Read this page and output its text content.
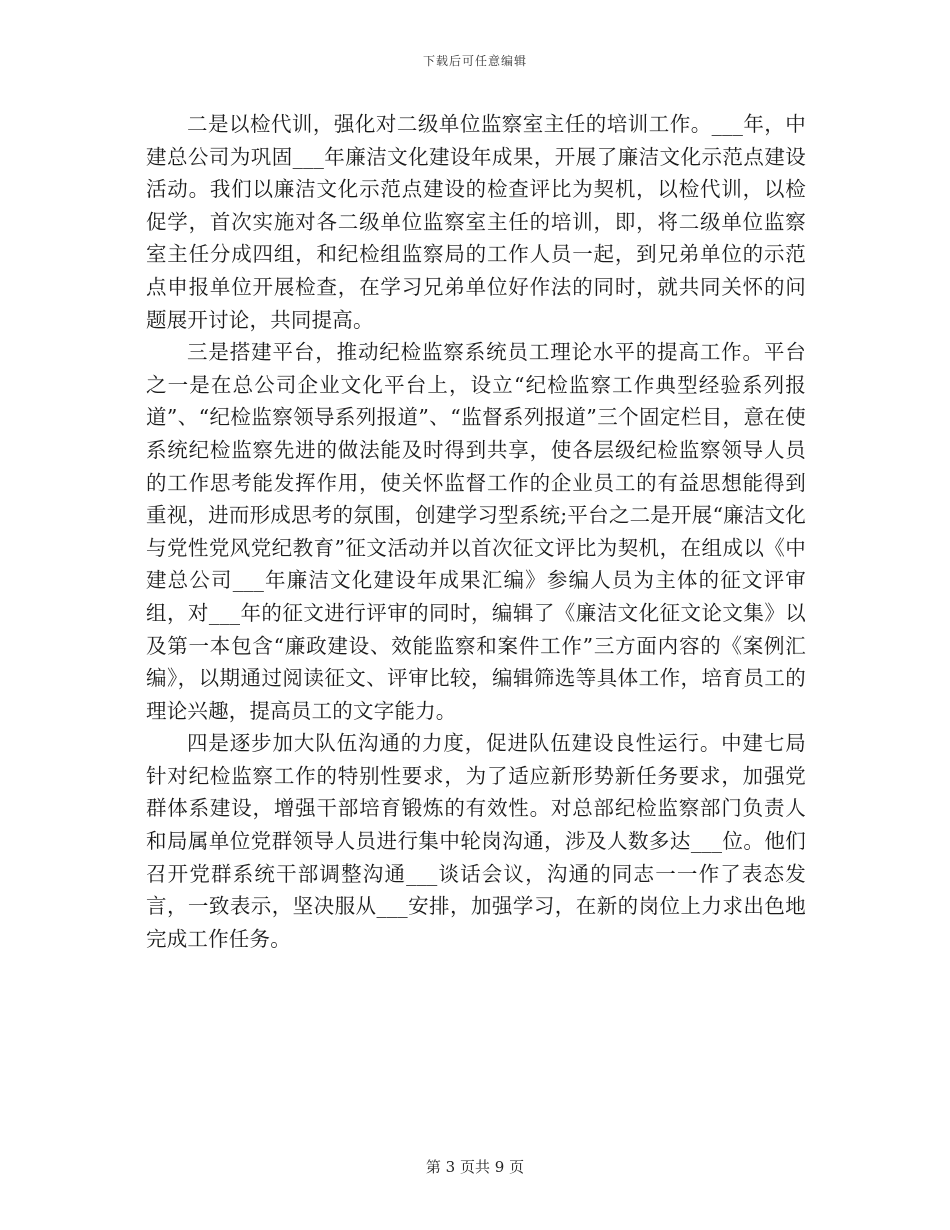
下载后可任意编辑

二是以检代训，强化对二级单位监察室主任的培训工作。___年，中建总公司为巩固___年廉洁文化建设年成果，开展了廉洁文化示范点建设活动。我们以廉洁文化示范点建设的检查评比为契机，以检代训，以检促学，首次实施对各二级单位监察室主任的培训，即，将二级单位监察室主任分成四组，和纪检组监察局的工作人员一起，到兄弟单位的示范点申报单位开展检查，在学习兄弟单位好作法的同时，就共同关怀的问题展开讨论，共同提高。

三是搭建平台，推动纪检监察系统员工理论水平的提高工作。平台之一是在总公司企业文化平台上，设立“纪检监察工作典型经验系列报道”、“纪检监察领导系列报道”、“监督系列报道”三个固定栏目，意在使系统纪检监察先进的做法能及时得到共享，使各层级纪检监察领导人员的工作思考能发挥作用，使关怀监督工作的企业员工的有益思想能得到重视，进而形成思考的氛围，创建学习型系统;平台之二是开展“廉洁文化与党性党风党纪教育”征文活动并以首次征文评比为契机，在组成以《中建总公司___年廉洁文化建设年成果汇编》参编人员为主体的征文评审组，对___年的征文进行评审的同时，编辑了《廉洁文化征文论文集》以及第一本包含“廉政建设、效能监察和案件工作”三方面内容的《案例汇编》，以期通过阅读征文、评审比较，编辑筛选等具体工作，培育员工的理论兴趣，提高员工的文字能力。

四是逐步加大队伍沟通的力度，促进队伍建设良性运行。中建七局针对纪检监察工作的特别性要求，为了适应新形势新任务要求，加强党群体系建设，增强干部培育锻炼的有效性。对总部纪检监察部门负责人和局属单位党群领导人员进行集中轮岗沟通，涉及人数多达___位。他们召开党群系统干部调整沟通___谈话会议，沟通的同志一一作了表态发言，一致表示，坚决服从___安排，加强学习，在新的岗位上力求出色地完成工作任务。

第 3 页共 9 页
